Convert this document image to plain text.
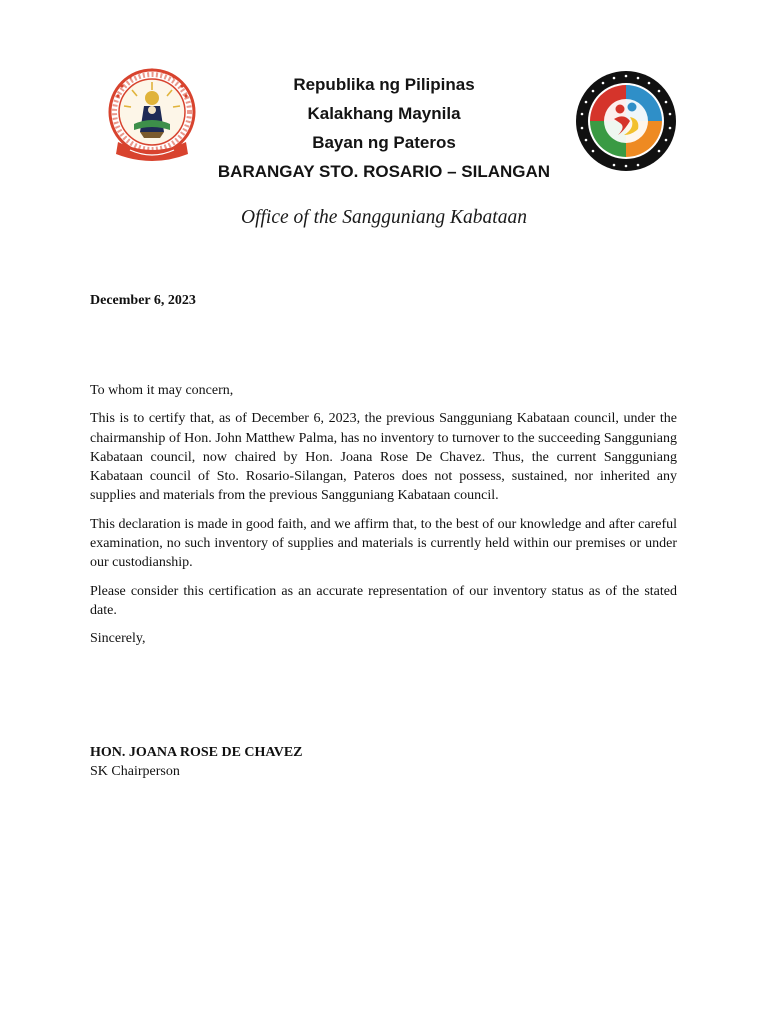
Republika ng Pilipinas
Kalakhang Maynila
Bayan ng Pateros
BARANGAY STO. ROSARIO – SILANGAN
Office of the Sangguniang Kabataan
December 6, 2023

To whom it may concern,

This is to certify that, as of December 6, 2023, the previous Sangguniang Kabataan council, under the chairmanship of Hon. John Matthew Palma, has no inventory to turnover to the succeeding Sangguniang Kabataan council, now chaired by Hon. Joana Rose De Chavez. Thus, the current Sangguniang Kabataan council of Sto. Rosario-Silangan, Pateros does not possess, sustained, nor inherited any supplies and materials from the previous Sangguniang Kabataan council.

This declaration is made in good faith, and we affirm that, to the best of our knowledge and after careful examination, no such inventory of supplies and materials is currently held within our premises or under our custodianship.

Please consider this certification as an accurate representation of our inventory status as of the stated date.

Sincerely,

HON. JOANA ROSE DE CHAVEZ
SK Chairperson
